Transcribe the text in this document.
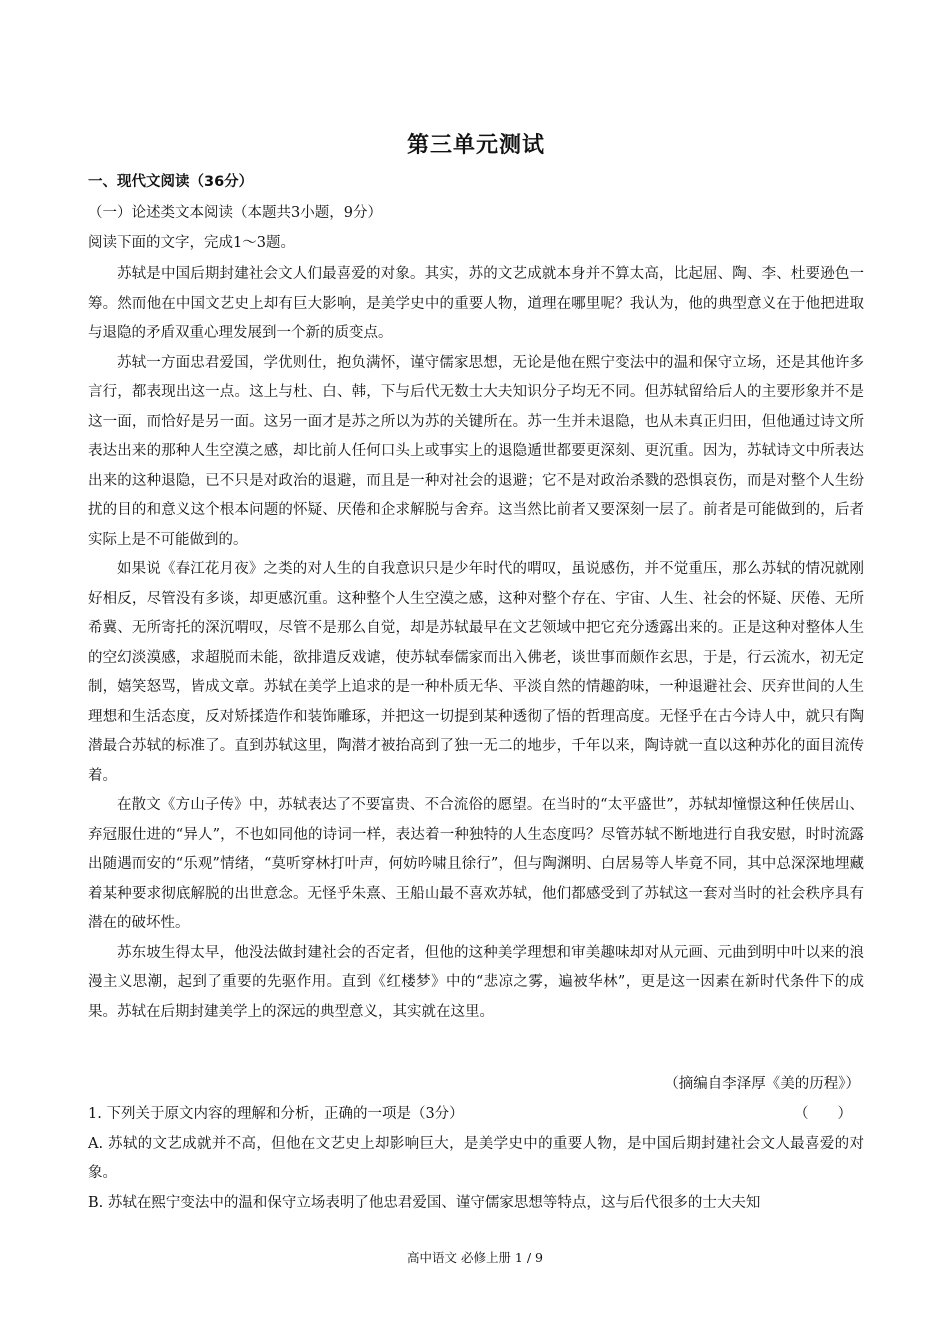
第三单元测试
一、现代文阅读（36分）
（一）论述类文本阅读（本题共3小题，9分）
阅读下面的文字，完成1～3题。

苏轼是中国后期封建社会文人们最喜爱的对象。其实，苏的文艺成就本身并不算太高，比起屈、陶、李、杜要逊色一筹。然而他在中国文艺史上却有巨大影响，是美学史中的重要人物，道理在哪里呢？我认为，他的典型意义在于他把进取与退隐的矛盾双重心理发展到一个新的质变点。

苏轼一方面忠君爱国，学优则仕，抱负满怀，谨守儒家思想，无论是他在熙宁变法中的温和保守立场，还是其他许多言行，都表现出这一点。这上与杜、白、韩，下与后代无数士大夫知识分子均无不同。但苏轼留给后人的主要形象并不是这一面，而恰好是另一面。这另一面才是苏之所以为苏的关键所在。苏一生并未退隐，也从未真正归田，但他通过诗文所表达出来的那种人生空漠之感，却比前人任何口头上或事实上的退隐遁世都要更深刻、更沉重。因为，苏轼诗文中所表达出来的这种退隐，已不只是对政治的退避，而且是一种对社会的退避；它不是对政治杀戮的恐惧哀伤，而是对整个人生纷扰的目的和意义这个根本问题的怀疑、厌倦和企求解脱与舍弃。这当然比前者又要深刻一层了。前者是可能做到的，后者实际上是不可能做到的。

如果说《春江花月夜》之类的对人生的自我意识只是少年时代的喟叹，虽说感伤，并不觉重压，那么苏轼的情况就刚好相反，尽管没有多谈，却更感沉重。这种整个人生空漠之感，这种对整个存在、宇宙、人生、社会的怀疑、厌倦、无所希冀、无所寄托的深沉喟叹，尽管不是那么自觉，却是苏轼最早在文艺领域中把它充分透露出来的。正是这种对整体人生的空幻淡漠感，求超脱而未能，欲排遣反戏谑，使苏轼奉儒家而出入佛老，谈世事而颇作玄思，于是，行云流水，初无定制，嬉笑怒骂，皆成文章。苏轼在美学上追求的是一种朴质无华、平淡自然的情趣韵味，一种退避社会、厌弃世间的人生理想和生活态度，反对矫揉造作和装饰雕琢，并把这一切提到某种透彻了悟的哲理高度。无怪乎在古今诗人中，就只有陶潜最合苏轼的标准了。直到苏轼这里，陶潜才被抬高到了独一无二的地步，千年以来，陶诗就一直以这种苏化的面目流传着。

在散文《方山子传》中，苏轼表达了不要富贵、不合流俗的愿望。在当时的“太平盛世”，苏轼却憧憬这种任侠居山、弃冠服仕进的“异人”，不也如同他的诗词一样，表达着一种独特的人生态度吗？尽管苏轼不断地进行自我安慰，时时流露出随遇而安的“乐观”情绪，“莫听穿林打叶声，何妨吟啸且徐行”，但与陶渊明、白居易等人毕竟不同，其中总深深地埋藏着某种要求彻底解脱的出世意念。无怪乎朱熹、王船山最不喜欢苏轼，他们都感受到了苏轼这一套对当时的社会秩序具有潜在的破坏性。

苏东坡生得太早，他没法做封建社会的否定者，但他的这种美学理想和审美趣味却对从元画、元曲到明中叶以来的浪漫主义思潮，起到了重要的先驱作用。直到《红楼梦》中的“悲凉之雾，遍被华林”，更是这一因素在新时代条件下的成果。苏轼在后期封建美学上的深远的典型意义，其实就在这里。

（摘编自李泽厚《美的历程》）
1. 下列关于原文内容的理解和分析，正确的一项是（3分）	（　　）

A. 苏轼的文艺成就并不高，但他在文艺史上却影响巨大，是美学史中的重要人物，是中国后期封建社会文人最喜爱的对象。

B. 苏轼在熙宁变法中的温和保守立场表明了他忠君爱国、谨守儒家思想等特点，这与后代很多的士大夫知

高中语文 必修上册 1 / 9
